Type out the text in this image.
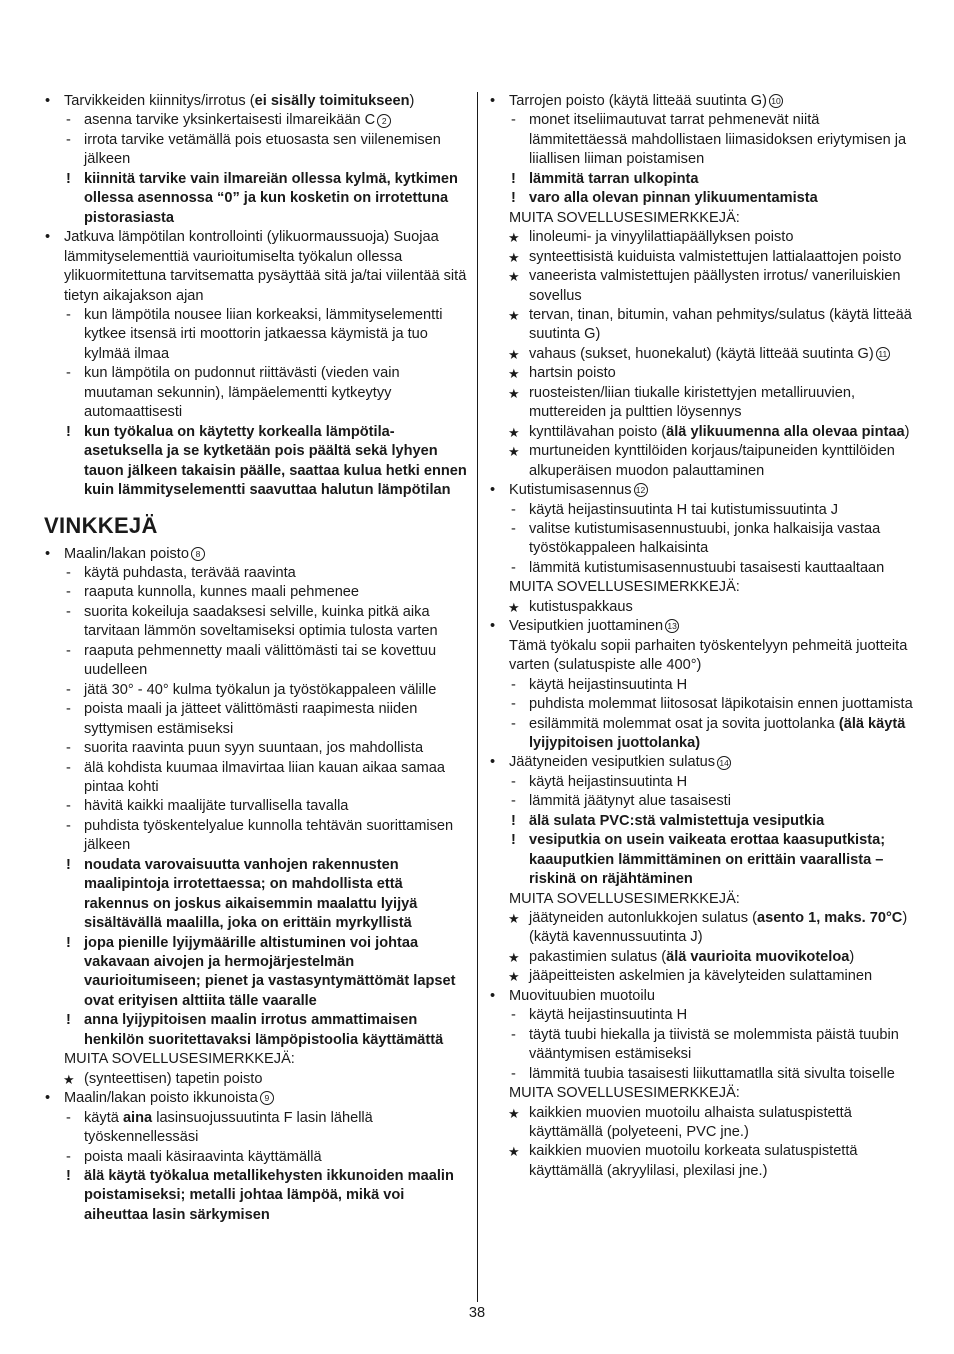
• Tarvikkeiden kiinnitys/irrotus (ei sisälly toimitukseen)
- asenna tarvike yksinkertaisesti ilmareikään C 2
- irrota tarvike vetämällä pois etuosasta sen viilenemisen jälkeen
! kiinnitä tarvike vain ilmareiän ollessa kylmä, kytkimen ollessa asennossa “0” ja kun kosketin on irrotettuna pistorasiasta
• Jatkuva lämpötilan kontrollointi (ylikuormaussuoja) Suojaa lämmityselementtiä vaurioitumiselta työkalun ollessa ylikuormitettuna tarvitsematta pysäyttää sitä ja/tai viilentää sitä tietyn aikajakson ajan
- kun lämpötila nousee liian korkeaksi, lämmityselementti kytkee itsensä irti moottorin jatkaessa käymistä ja tuo kylmää ilmaa
- kun lämpötila on pudonnut riittävästi (vieden vain muutaman sekunnin), lämpäelementti kytkeytyy automaattisesti
! kun työkalua on käytetty korkealla lämpötila- asetuksella ja se kytketään pois päältä sekä lyhyen tauon jälkeen takaisin päälle, saattaa kulua hetki ennen kuin lämmityselementti saavuttaa halutun lämpötilan
VINKKEJÄ
• Maalin/lakan poisto 8
- käytä puhdasta, terävää raavinta
- raaputa kunnolla, kunnes maali pehmenee
- suorita kokeiluja saadaksesi selville, kuinka pitkä aika tarvitaan lämmön soveltamiseksi optimia tulosta varten
- raaputa pehmennetty maali välittömästi tai se kovettuu uudelleen
- jätä 30° - 40° kulma työkalun ja työstökappaleen välille
- poista maali ja jätteet välittömästi raapimesta niiden syttymisen estämiseksi
- suorita raavinta puun syyn suuntaan, jos mahdollista
- älä kohdista kuumaa ilmavirtaa liian kauan aikaa samaa pintaa kohti
- hävitä kaikki maalijäte turvallisella tavalla
- puhdista työskentelyalue kunnolla tehtävän suorittamisen jälkeen
! noudata varovaisuutta vanhojen rakennusten maalipintoja irrotettaessa; on mahdollista että rakennus on joskus aikaisemmin maalattu lyijyä sisältävällä maalilla, joka on erittäin myrkyllistä
! jopa pienille lyijymäärille altistuminen voi johtaa vakavaan aivojen ja hermojärjestelmän vaurioitumiseen; pienet ja vastasyntymättömät lapset ovat erityisen alttiita tälle vaaralle
! anna lyijypitoisen maalin irrotus ammattimaisen henkilön suoritettavaksi lämpöpistoolia käyttämättä
MUITA SOVELLUSESIMERKKEJÄ:
★ (synteettisen) tapetin poisto
• Maalin/lakan poisto ikkunoista 9
- käytä aina lasinsuojussuutinta F lasin lähellä työskennellessäsi
- poista maali käsiraavinta käyttämällä
! älä käytä työkalua metallikehysten ikkunoiden maalin poistamiseksi; metalli johtaa lämpöä, mikä voi aiheuttaa lasin särkymisen
• Tarrojen poisto (käytä litteää suutinta G) 10
- monet itseliimautuvat tarrat pehmenevät niitä lämmitettäessä mahdollistaen liimasidoksen eriytymisen ja liiallisen liiman poistamisen
! lämmitä tarran ulkopinta
! varo alla olevan pinnan ylikuumentamista
MUITA SOVELLUSESIMERKKEJÄ:
★ linoleumi- ja vinyylilattiapäällyksen poisto
★ synteettisistä kuiduista valmistettujen lattialaattojen poisto
★ vaneerista valmistettujen päällysten irrotus/ vaneriluiskien sovellus
★ tervan, tinan, bitumin, vahan pehmitys/sulatus (käytä litteää suutinta G)
★ vahaus (sukset, huonekalut) (käytä litteää suutinta G) 11
★ hartsin poisto
★ ruosteisten/liian tiukalle kiristettyjen metalliruuvien, muttereiden ja pulttien löysennys
★ kynttilävahan poisto (älä ylikuumenna alla olevaa pintaa)
★ murtuneiden kynttilöiden korjaus/taipuneiden kynttilöiden alkuperäisen muodon palauttaminen
• Kutistumisasennus 12
- käytä heijastinsuutinta H tai kutistumissuutinta J
- valitse kutistumisasennustuubi, jonka halkaisija vastaa työstökappaleen halkaisinta
- lämmitä kutistumisasennustuubi tasaisesti kauttaaltaan
MUITA SOVELLUSESIMERKKEJÄ:
★ kutistuspakkaus
• Vesiputkien juottaminen 13
Tämä työkalu sopii parhaiten työskentelyyn pehmeitä juotteita varten (sulatuspiste alle 400°)
- käytä heijastinsuutinta H
- puhdista molemmat liitososat läpikotaisin ennen juottamista
- esilämmitä molemmat osat ja sovita juottolanka (älä käytä lyijypitoisen juottolanka)
• Jäätyneiden vesiputkien sulatus 14
- käytä heijastinsuutinta H
- lämmitä jäätynyt alue tasaisesti
! älä sulata PVC:stä valmistettuja vesiputkia
! vesiputkia on usein vaikeata erottaa kaasuputkista; kaauputkien lämmittäminen on erittäin vaarallista – riskinä on räjähtäminen
MUITA SOVELLUSESIMERKKEJÄ:
★ jäätyneiden autonlukkojen sulatus (asento 1, maks. 70°C) (käytä kavennussuutinta J)
★ pakastimien sulatus (älä vaurioita muovikoteloa)
★ jääpeitteisten askelmien ja kävelyteiden sulattaminen
• Muovituubien muotoilu
- käytä heijastinsuutinta H
- täytä tuubi hiekalla ja tiivistä se molemmista päistä tuubin vääntymisen estämiseksi
- lämmitä tuubia tasaisesti liikuttamatlla sitä sivulta toiselle
MUITA SOVELLUSESIMERKKEJÄ:
★ kaikkien muovien muotoilu alhaista sulatuspistettä käyttämällä (polyeteeni, PVC jne.)
★ kaikkien muovien muotoilu korkeata sulatuspistettä käyttämällä (akryylilasi, plexilasi jne.)
38
